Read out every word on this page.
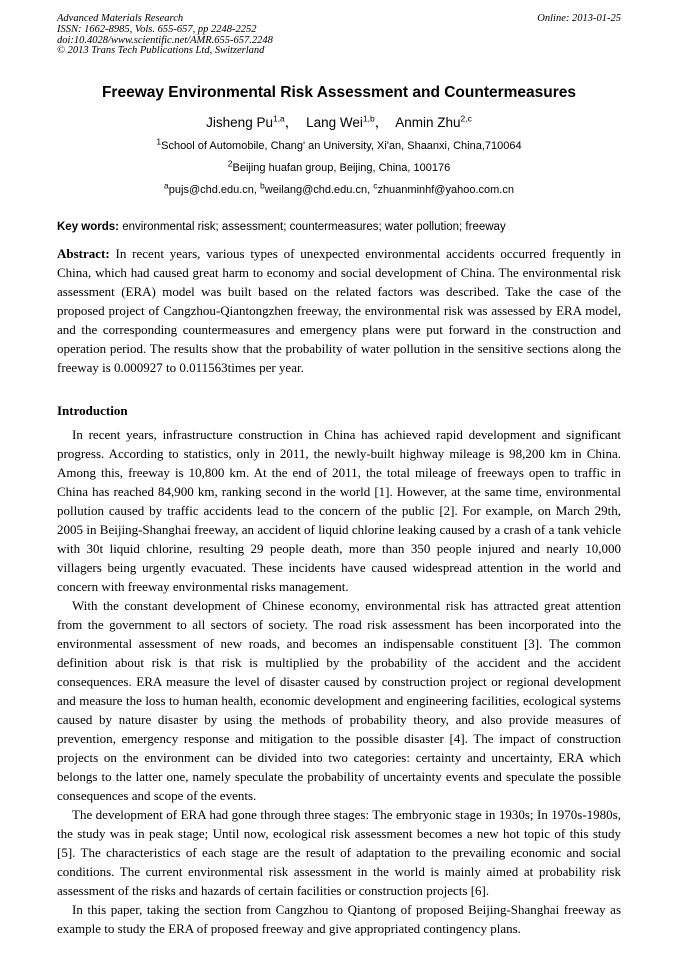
Advanced Materials Research
ISSN: 1662-8985, Vols. 655-657, pp 2248-2252
doi:10.4028/www.scientific.net/AMR.655-657.2248
© 2013 Trans Tech Publications Ltd, Switzerland
Online: 2013-01-25
Freeway Environmental Risk Assessment and Countermeasures
Jisheng Pu$^{1,a}$， Lang Wei$^{1,b}$， Anmin Zhu$^{2,c}$
$^1$School of Automobile, Chang' an University, Xi'an, Shaanxi, China,710064
$^2$Beijing huafan group, Beijing, China, 100176
$^a$pujs@chd.edu.cn, $^b$weilang@chd.edu.cn, $^c$zhuanminhf@yahoo.com.cn
Key words: environmental risk; assessment; countermeasures; water pollution; freeway
Abstract: In recent years, various types of unexpected environmental accidents occurred frequently in China, which had caused great harm to economy and social development of China. The environmental risk assessment (ERA) model was built based on the related factors was described. Take the case of the proposed project of Cangzhou-Qiantongzhen freeway, the environmental risk was assessed by ERA model, and the corresponding countermeasures and emergency plans were put forward in the construction and operation period. The results show that the probability of water pollution in the sensitive sections along the freeway is 0.000927 to 0.011563times per year.
Introduction

In recent years, infrastructure construction in China has achieved rapid development and significant progress. According to statistics, only in 2011, the newly-built highway mileage is 98,200 km in China. Among this, freeway is 10,800 km. At the end of 2011, the total mileage of freeways open to traffic in China has reached 84,900 km, ranking second in the world [1]. However, at the same time, environmental pollution caused by traffic accidents lead to the concern of the public [2]. For example, on March 29th, 2005 in Beijing-Shanghai freeway, an accident of liquid chlorine leaking caused by a crash of a tank vehicle with 30t liquid chlorine, resulting 29 people death, more than 350 people injured and nearly 10,000 villagers being urgently evacuated. These incidents have caused widespread attention in the world and concern with freeway environmental risks management.

With the constant development of Chinese economy, environmental risk has attracted great attention from the government to all sectors of society. The road risk assessment has been incorporated into the environmental assessment of new roads, and becomes an indispensable constituent [3]. The common definition about risk is that risk is multiplied by the probability of the accident and the accident consequences. ERA measure the level of disaster caused by construction project or regional development and measure the loss to human health, economic development and engineering facilities, ecological systems caused by nature disaster by using the methods of probability theory, and also provide measures of prevention, emergency response and mitigation to the possible disaster [4]. The impact of construction projects on the environment can be divided into two categories: certainty and uncertainty, ERA which belongs to the latter one, namely speculate the probability of uncertainty events and speculate the possible consequences and scope of the events.

The development of ERA had gone through three stages: The embryonic stage in 1930s; In 1970s-1980s, the study was in peak stage; Until now, ecological risk assessment becomes a new hot topic of this study [5]. The characteristics of each stage are the result of adaptation to the prevailing economic and social conditions. The current environmental risk assessment in the world is mainly aimed at probability risk assessment of the risks and hazards of certain facilities or construction projects [6].

In this paper, taking the section from Cangzhou to Qiantong of proposed Beijing-Shanghai freeway as example to study the ERA of proposed freeway and give appropriated contingency plans.
